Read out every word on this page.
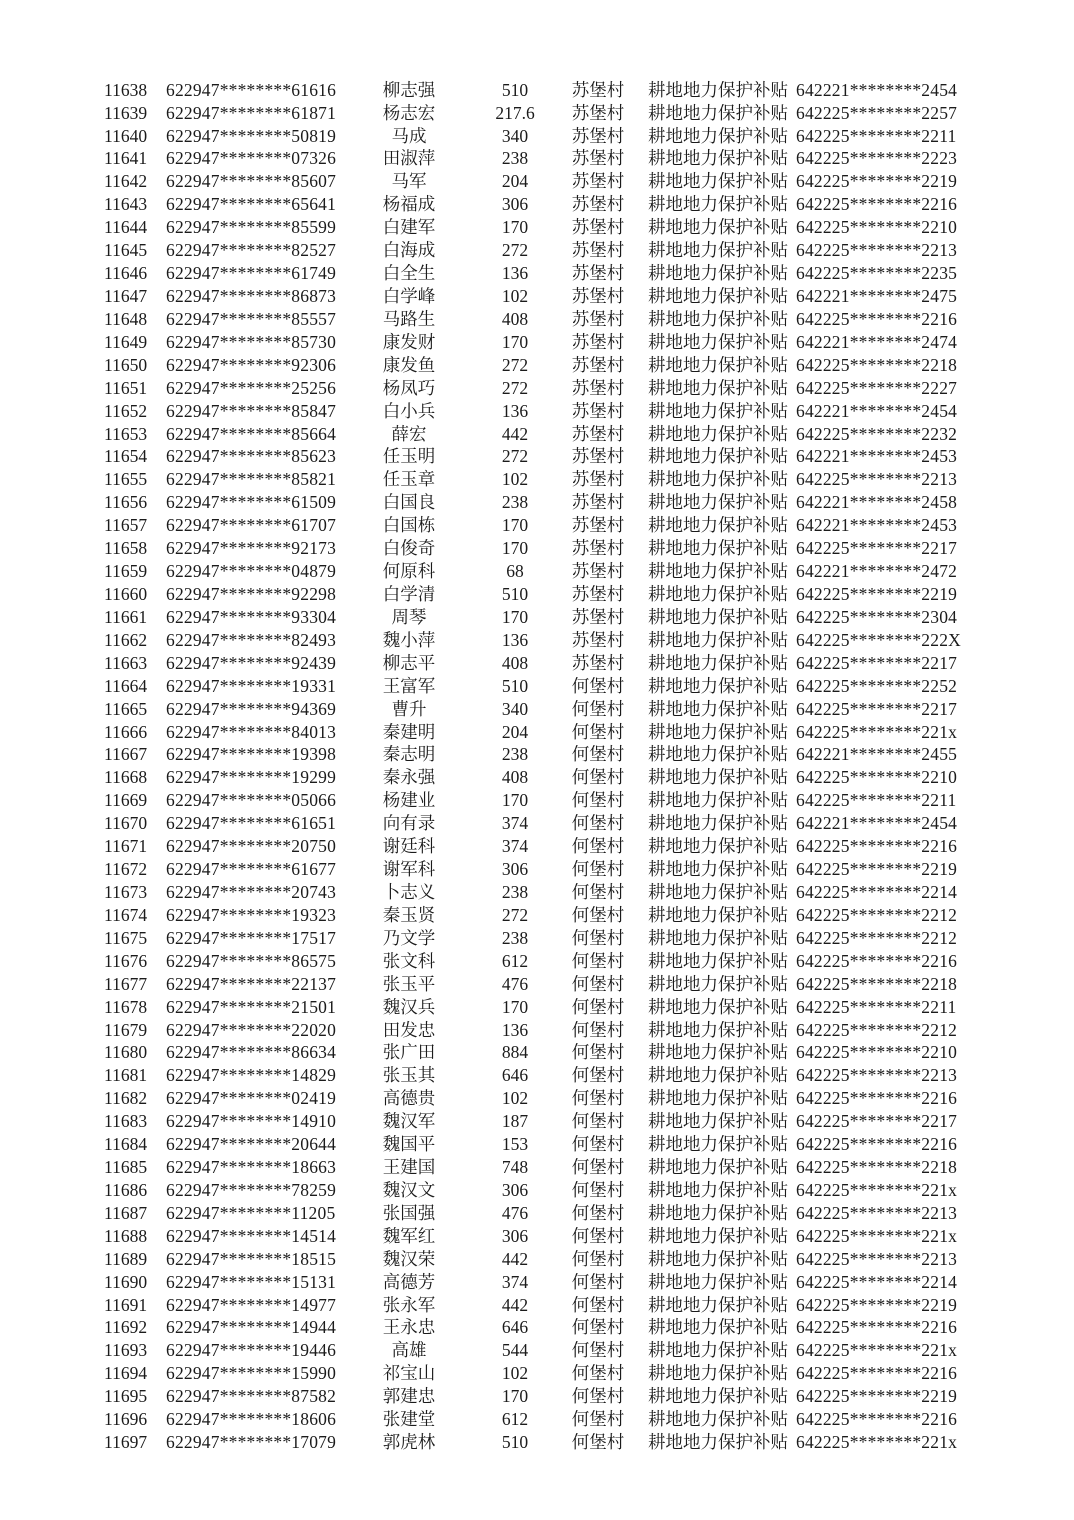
11638	622947********61616	柳志强	510	苏堡村	耕地地力保护补贴 642221********2454
11639	622947********61871	杨志宏	217.6	苏堡村	耕地地力保护补贴 642225********2257
11640	622947********50819	马成	340	苏堡村	耕地地力保护补贴 642225********2211
11641	622947********07326	田淑萍	238	苏堡村	耕地地力保护补贴 642225********2223
11642	622947********85607	马军	204	苏堡村	耕地地力保护补贴 642225********2219
11643	622947********65641	杨福成	306	苏堡村	耕地地力保护补贴 642225********2216
11644	622947********85599	白建军	170	苏堡村	耕地地力保护补贴 642225********2210
11645	622947********82527	白海成	272	苏堡村	耕地地力保护补贴 642225********2213
11646	622947********61749	白全生	136	苏堡村	耕地地力保护补贴 642225********2235
11647	622947********86873	白学峰	102	苏堡村	耕地地力保护补贴 642221********2475
11648	622947********85557	马路生	408	苏堡村	耕地地力保护补贴 642225********2216
11649	622947********85730	康发财	170	苏堡村	耕地地力保护补贴 642221********2474
11650	622947********92306	康发鱼	272	苏堡村	耕地地力保护补贴 642225********2218
11651	622947********25256	杨凤巧	272	苏堡村	耕地地力保护补贴 642225********2227
11652	622947********85847	白小兵	136	苏堡村	耕地地力保护补贴 642221********2454
11653	622947********85664	薛宏	442	苏堡村	耕地地力保护补贴 642225********2232
11654	622947********85623	任玉明	272	苏堡村	耕地地力保护补贴 642221********2453
11655	622947********85821	任玉章	102	苏堡村	耕地地力保护补贴 642225********2213
11656	622947********61509	白国良	238	苏堡村	耕地地力保护补贴 642221********2458
11657	622947********61707	白国栋	170	苏堡村	耕地地力保护补贴 642221********2453
11658	622947********92173	白俊奇	170	苏堡村	耕地地力保护补贴 642225********2217
11659	622947********04879	何原科	68	苏堡村	耕地地力保护补贴 642221********2472
11660	622947********92298	白学清	510	苏堡村	耕地地力保护补贴 642225********2219
11661	622947********93304	周琴	170	苏堡村	耕地地力保护补贴 642225********2304
11662	622947********82493	魏小萍	136	苏堡村	耕地地力保护补贴 642225********222X
11663	622947********92439	柳志平	408	苏堡村	耕地地力保护补贴 642225********2217
11664	622947********19331	王富军	510	何堡村	耕地地力保护补贴 642225********2252
11665	622947********94369	曹升	340	何堡村	耕地地力保护补贴 642225********2217
11666	622947********84013	秦建明	204	何堡村	耕地地力保护补贴 642225********221x
11667	622947********19398	秦志明	238	何堡村	耕地地力保护补贴 642221********2455
11668	622947********19299	秦永强	408	何堡村	耕地地力保护补贴 642225********2210
11669	622947********05066	杨建业	170	何堡村	耕地地力保护补贴 642225********2211
11670	622947********61651	向有录	374	何堡村	耕地地力保护补贴 642221********2454
11671	622947********20750	谢廷科	374	何堡村	耕地地力保护补贴 642225********2216
11672	622947********61677	谢军科	306	何堡村	耕地地力保护补贴 642225********2219
11673	622947********20743	卜志义	238	何堡村	耕地地力保护补贴 642225********2214
11674	622947********19323	秦玉贤	272	何堡村	耕地地力保护补贴 642225********2212
11675	622947********17517	乃文学	238	何堡村	耕地地力保护补贴 642225********2212
11676	622947********86575	张文科	612	何堡村	耕地地力保护补贴 642225********2216
11677	622947********22137	张玉平	476	何堡村	耕地地力保护补贴 642225********2218
11678	622947********21501	魏汉兵	170	何堡村	耕地地力保护补贴 642225********2211
11679	622947********22020	田发忠	136	何堡村	耕地地力保护补贴 642225********2212
11680	622947********86634	张广田	884	何堡村	耕地地力保护补贴 642225********2210
11681	622947********14829	张玉其	646	何堡村	耕地地力保护补贴 642225********2213
11682	622947********02419	高德贵	102	何堡村	耕地地力保护补贴 642225********2216
11683	622947********14910	魏汉军	187	何堡村	耕地地力保护补贴 642225********2217
11684	622947********20644	魏国平	153	何堡村	耕地地力保护补贴 642225********2216
11685	622947********18663	王建国	748	何堡村	耕地地力保护补贴 642225********2218
11686	622947********78259	魏汉文	306	何堡村	耕地地力保护补贴 642225********221x
11687	622947********11205	张国强	476	何堡村	耕地地力保护补贴 642225********2213
11688	622947********14514	魏军红	306	何堡村	耕地地力保护补贴 642225********221x
11689	622947********18515	魏汉荣	442	何堡村	耕地地力保护补贴 642225********2213
11690	622947********15131	高德芳	374	何堡村	耕地地力保护补贴 642225********2214
11691	622947********14977	张永军	442	何堡村	耕地地力保护补贴 642225********2219
11692	622947********14944	王永忠	646	何堡村	耕地地力保护补贴 642225********2216
11693	622947********19446	高雄	544	何堡村	耕地地力保护补贴 642225********221x
11694	622947********15990	祁宝山	102	何堡村	耕地地力保护补贴 642225********2216
11695	622947********87582	郭建忠	170	何堡村	耕地地力保护补贴 642225********2219
11696	622947********18606	张建堂	612	何堡村	耕地地力保护补贴 642225********2216
11697	622947********17079	郭虎林	510	何堡村	耕地地力保护补贴 642225********221x
